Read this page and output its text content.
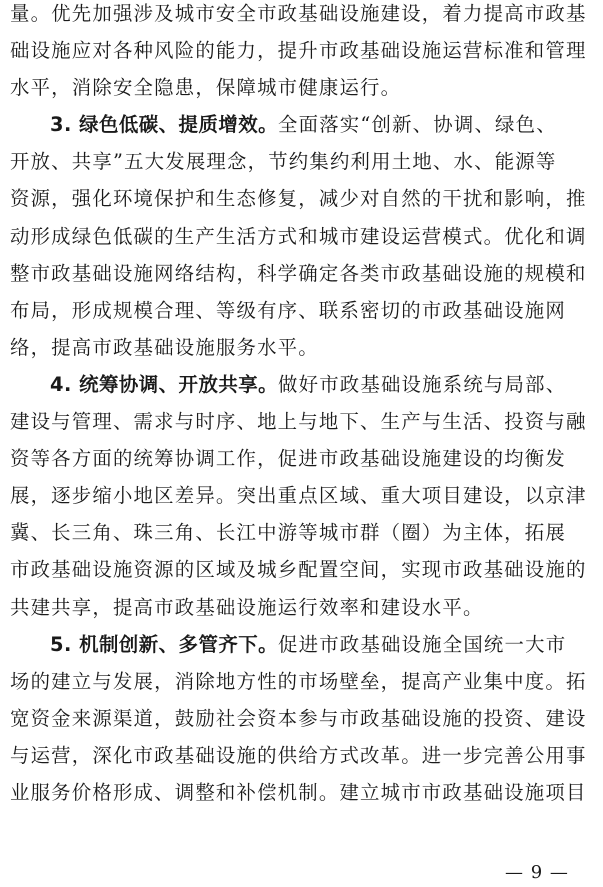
量。优先加强涉及城市安全市政基础设施建设，着力提高市政基
础设施应对各种风险的能力，提升市政基础设施运营标准和管理
水平，消除安全隐患，保障城市健康运行。
3. 绿色低碳、提质增效。全面落实“创新、协调、绿色、
开放、共享”五大发展理念，节约集约利用土地、水、能源等
资源，强化环境保护和生态修复，减少对自然的干扰和影响，推
动形成绿色低碳的生产生活方式和城市建设运营模式。优化和调
整市政基础设施网络结构，科学确定各类市政基础设施的规模和
布局，形成规模合理、等级有序、联系密切的市政基础设施网
络，提高市政基础设施服务水平。
4. 统筹协调、开放共享。做好市政基础设施系统与局部、
建设与管理、需求与时序、地上与地下、生产与生活、投资与融
资等各方面的统筹协调工作，促进市政基础设施建设的均衡发
展，逐步缩小地区差异。突出重点区域、重大项目建设，以京津
冀、长三角、珠三角、长江中游等城市群（圈）为主体，拓展
市政基础设施资源的区域及城乡配置空间，实现市政基础设施的
共建共享，提高市政基础设施运行效率和建设水平。
5. 机制创新、多管齐下。促进市政基础设施全国统一大市
场的建立与发展，消除地方性的市场壁垒，提高产业集中度。拓
宽资金来源渠道，鼓励社会资本参与市政基础设施的投资、建设
与运营，深化市政基础设施的供给方式改革。进一步完善公用事
业服务价格形成、调整和补偿机制。建立城市市政基础设施项目
— 9 —
